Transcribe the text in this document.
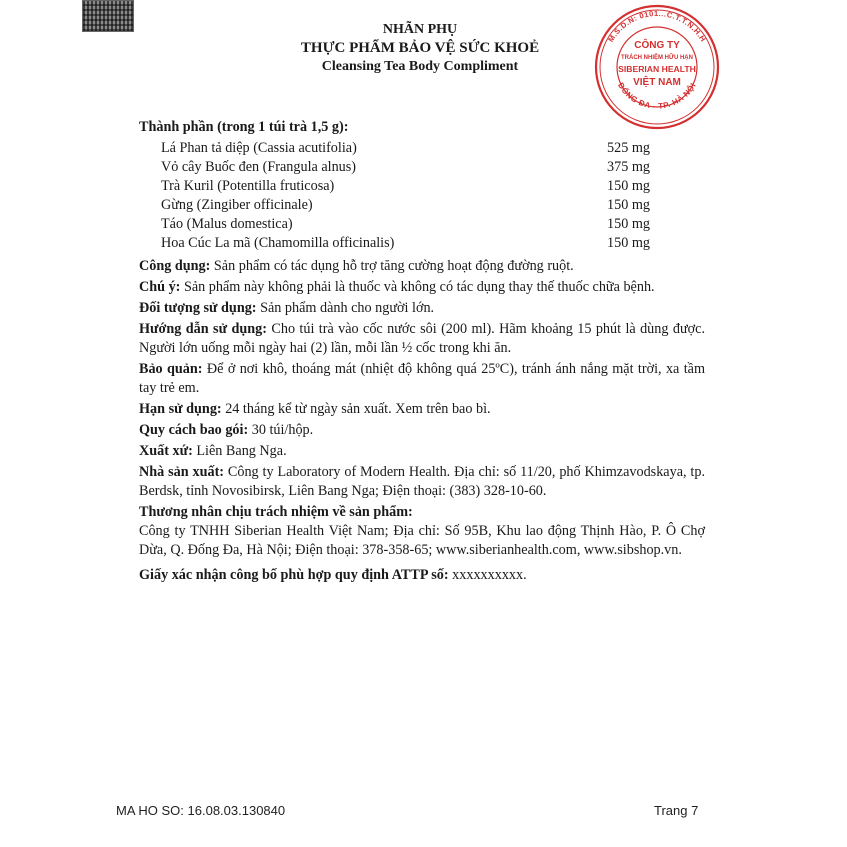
NHÃN PHỤ
THỰC PHẨM BẢO VỆ SỨC KHOẺ
Cleansing Tea Body Compliment
M.S.D.N: 0101...C.T.T.N.H.H
ĐỐNG ĐA - TP. HÀ NỘI
CÔNG TY
TRÁCH NHIỆM HỮU HẠN
SIBERIAN HEALTH
VIỆT NAM
Thành phần (trong 1 túi trà 1,5 g):
Lá Phan tả diệp (Cassia acutifolia)	525 mg
Vỏ cây Buốc đen (Frangula alnus)	375 mg
Trà Kuril (Potentilla fruticosa)	150 mg
Gừng (Zingiber officinale)	150 mg
Táo (Malus domestica)	150 mg
Hoa Cúc La mã (Chamomilla officinalis)	150 mg
Công dụng: Sản phẩm có tác dụng hỗ trợ tăng cường hoạt động đường ruột.
Chú ý: Sản phẩm này không phải là thuốc và không có tác dụng thay thế thuốc chữa bệnh.
Đối tượng sử dụng: Sản phẩm dành cho người lớn.
Hướng dẫn sử dụng: Cho túi trà vào cốc nước sôi (200 ml). Hãm khoảng 15 phút là dùng được. Người lớn uống mỗi ngày hai (2) lần, mỗi lần ½ cốc trong khi ăn.
Bảo quản: Để ở nơi khô, thoáng mát (nhiệt độ không quá 25ºC), tránh ánh nắng mặt trời, xa tầm tay trẻ em.
Hạn sử dụng: 24 tháng kể từ ngày sản xuất. Xem trên bao bì.
Quy cách bao gói: 30 túi/hộp.
Xuất xứ: Liên Bang Nga.
Nhà sản xuất: Công ty Laboratory of Modern Health. Địa chỉ: số 11/20, phố Khimzavodskaya, tp. Berdsk, tỉnh Novosibirsk, Liên Bang Nga; Điện thoại: (383) 328-10-60.
Thương nhân chịu trách nhiệm về sản phẩm:
Công ty TNHH Siberian Health Việt Nam; Địa chỉ: Số 95B, Khu lao động Thịnh Hào, P. Ô Chợ Dừa, Q. Đống Đa, Hà Nội; Điện thoại: 378-358-65; www.siberianhealth.com, www.sibshop.vn.
Giấy xác nhận công bố phù hợp quy định ATTP số: xxxxxxxxxx.
MA HO SO: 16.08.03.130840	Trang 7
